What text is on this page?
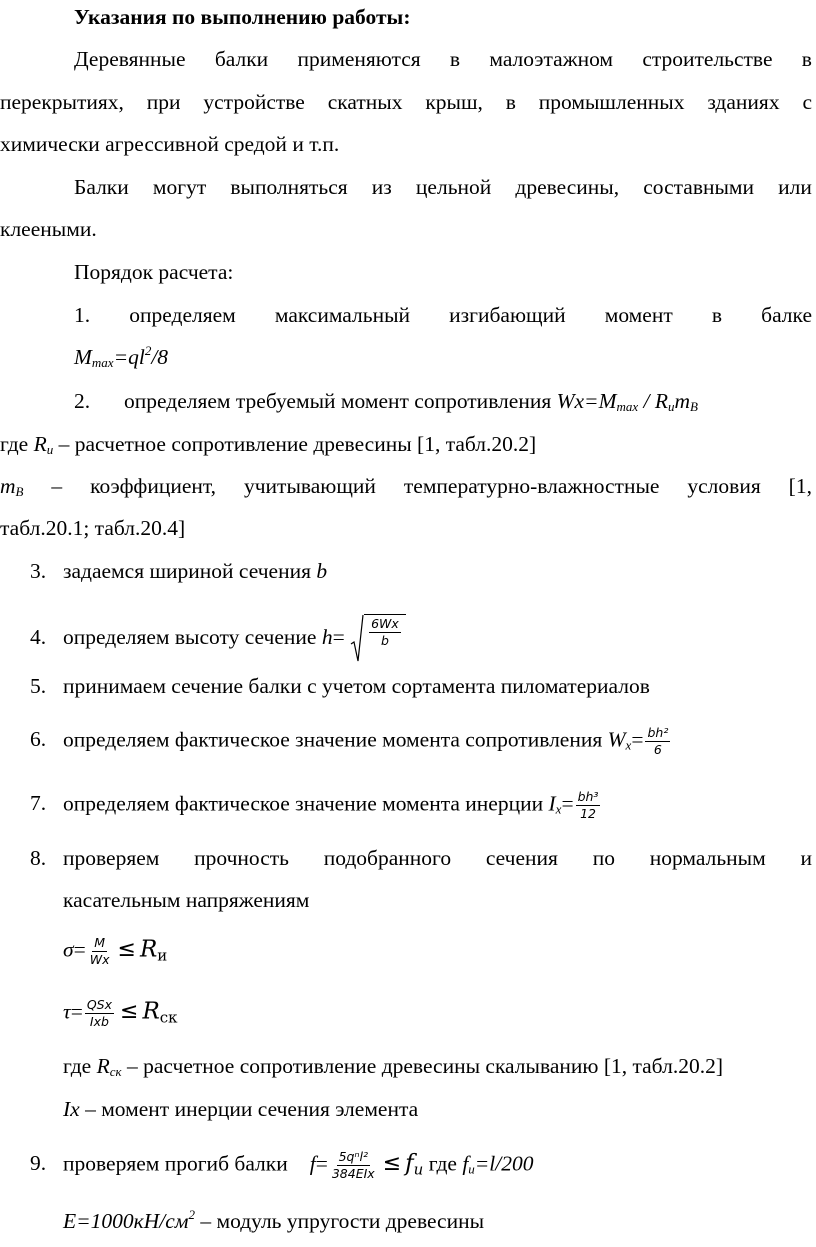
Указания по выполнению работы:
Деревянные балки применяются в малоэтажном строительстве в
перекрытиях, при устройстве скатных крыш, в промышленных зданиях с
химически агрессивной средой и т.п.
Балки могут выполняться из цельной древесины, составными или
клееными.
Порядок расчета:
1. определяем максимальный изгибающий момент в балке
$M_{max}=ql^2/8$
2. определяем требуемый момент сопротивления $Wx=M_{max} / R_um_B$
где $R_u$ – расчетное сопротивление древесины [1, табл.20.2]
$m_B$ – коэффициент, учитывающий температурно-влажностные условия [1,
табл.20.1; табл.20.4]
3. задаемся шириной сечения b
4. определяем высоту сечение $h= \frac{6Wx}{b}$
5. принимаем сечение балки с учетом сортамента пиломатериалов
6. определяем фактическое значение момента сопротивления $W_x= \frac{\text{bh²}}{6}$
7. определяем фактическое значение момента инерции $I_x= \frac{\text{bh³}}{12}$
8. проверяем прочность подобранного сечения по нормальным и
касательным напряжениям
$\sigma= \frac{M}{Wx}$ ≤ Rи
$\tau= \frac{\text{QSx}}{\text{Ixb}}$ ≤ Rск
где $R_{ск}$ – расчетное сопротивление древесины скалыванию [1, табл.20.2]
Ix – момент инерции сечения элемента
9. проверяем прогиб балки $f= \frac{\text{5qⁿl²}}{\text{384EIx}}$ ≤ fu где $f_u=l/200$
$E=1000кН/см^2$ – модуль упругости древесины
